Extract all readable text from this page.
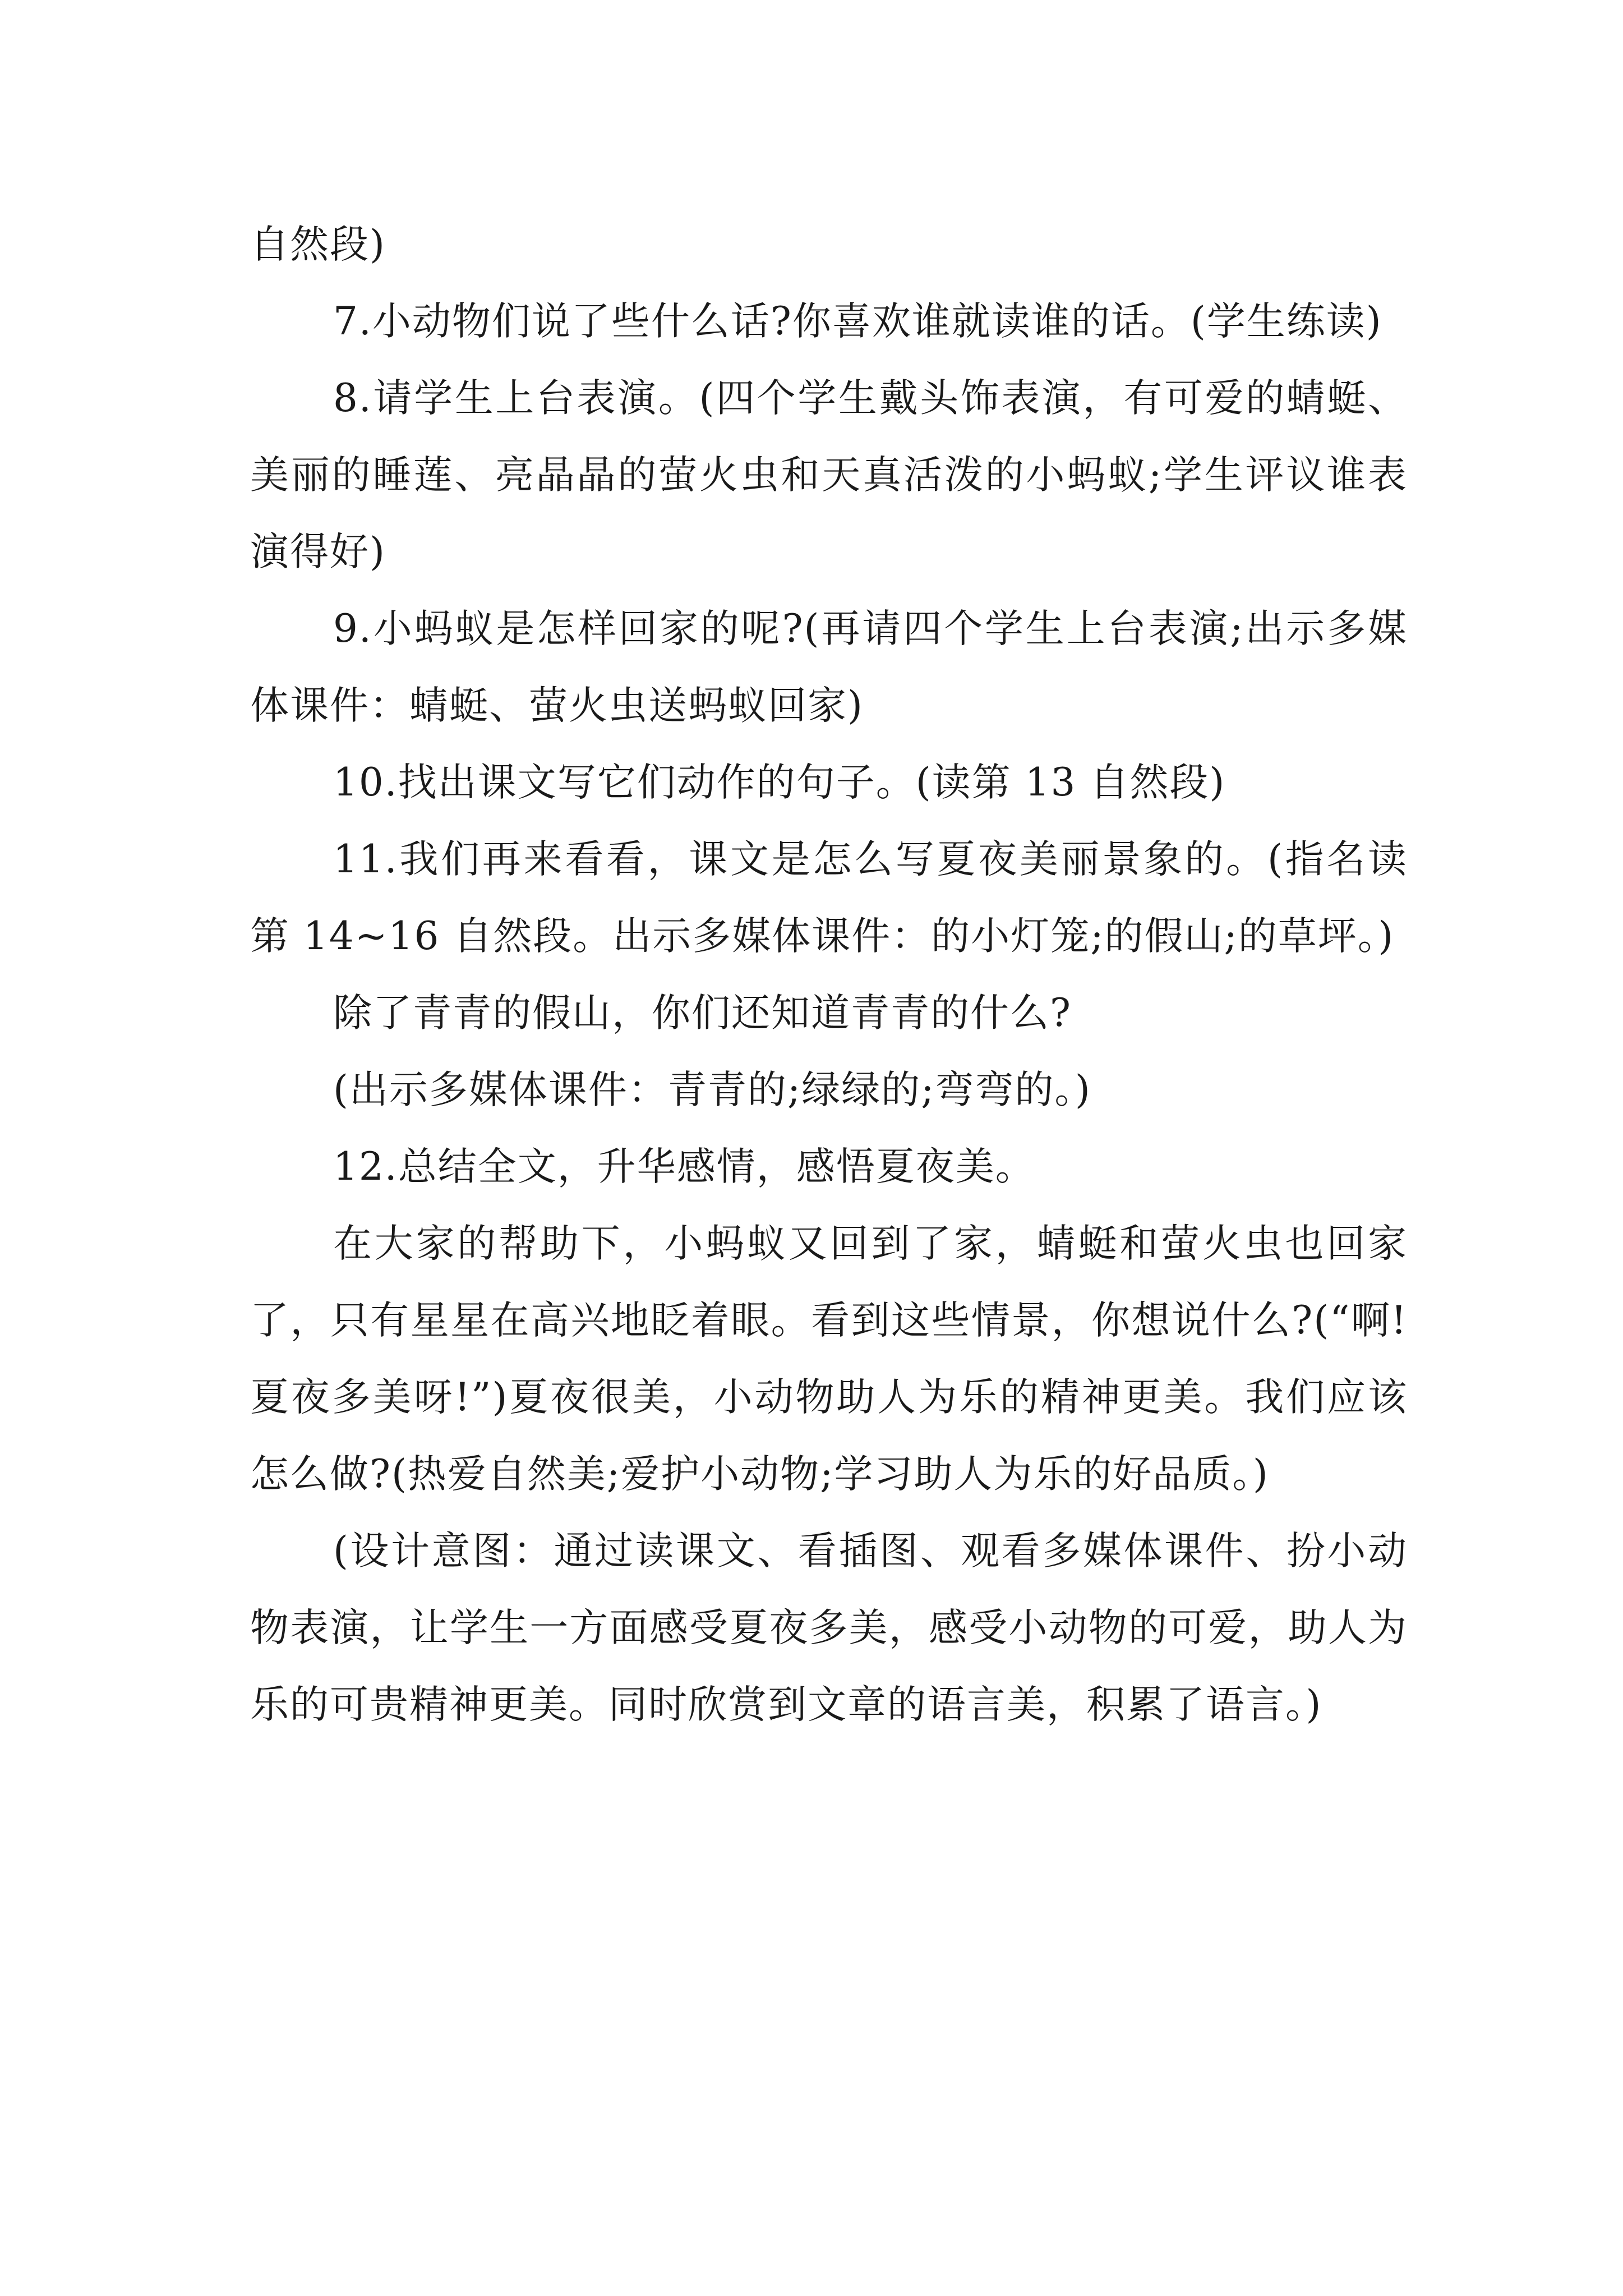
自然段)

7.小动物们说了些什么话?你喜欢谁就读谁的话。(学生练读)

8.请学生上台表演。(四个学生戴头饰表演，有可爱的蜻蜓、美丽的睡莲、亮晶晶的萤火虫和天真活泼的小蚂蚁;学生评议谁表演得好)

9.小蚂蚁是怎样回家的呢?(再请四个学生上台表演;出示多媒体课件：蜻蜓、萤火虫送蚂蚁回家)

10.找出课文写它们动作的句子。(读第 13 自然段)

11.我们再来看看，课文是怎么写夏夜美丽景象的。(指名读第 14~16 自然段。出示多媒体课件：的小灯笼;的假山;的草坪。)

除了青青的假山，你们还知道青青的什么?

(出示多媒体课件：青青的;绿绿的;弯弯的。)

12.总结全文，升华感情，感悟夏夜美。

在大家的帮助下，小蚂蚁又回到了家，蜻蜓和萤火虫也回家了，只有星星在高兴地眨着眼。看到这些情景，你想说什么?(“啊!夏夜多美呀!”)夏夜很美，小动物助人为乐的精神更美。我们应该怎么做?(热爱自然美;爱护小动物;学习助人为乐的好品质。)

(设计意图：通过读课文、看插图、观看多媒体课件、扮小动物表演，让学生一方面感受夏夜多美，感受小动物的可爱，助人为乐的可贵精神更美。同时欣赏到文章的语言美，积累了语言。)
